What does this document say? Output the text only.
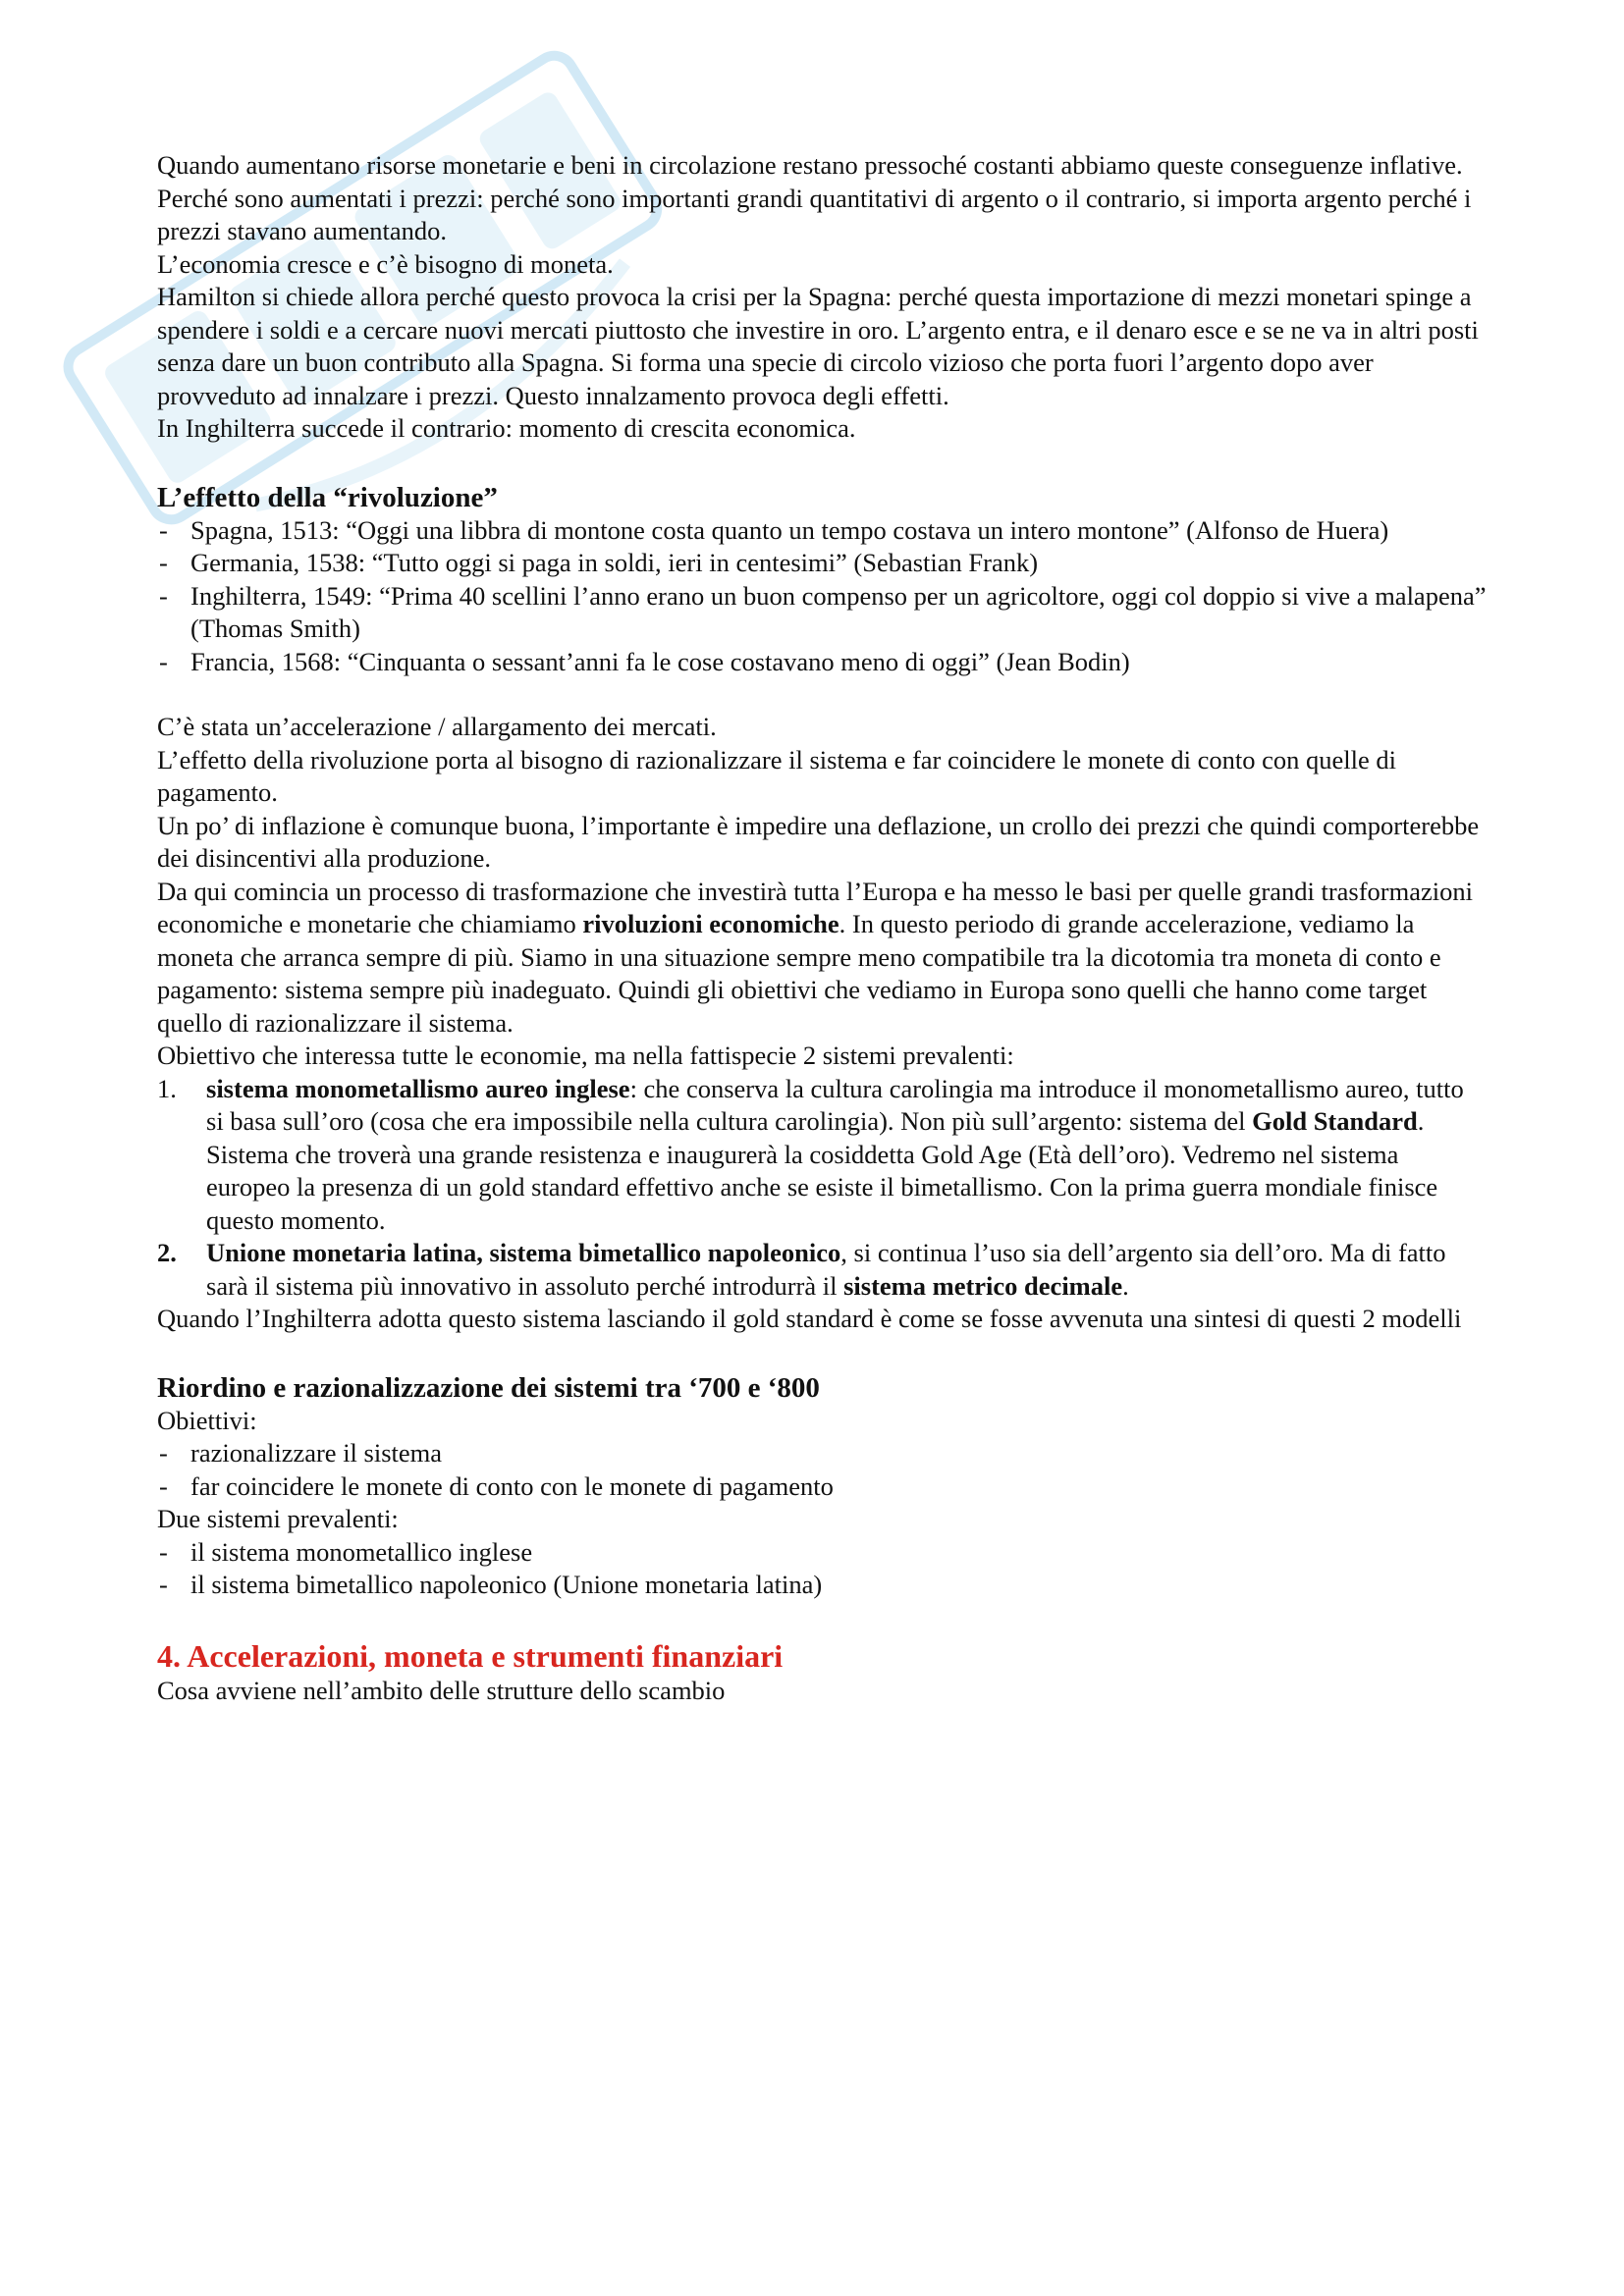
Quando aumentano risorse monetarie e beni in circolazione restano pressoché costanti abbiamo queste conseguenze inflative.

Perché sono aumentati i prezzi: perché sono importanti grandi quantitativi di argento o il contrario, si importa argento perché i prezzi stavano aumentando.

L’economia cresce e c’è bisogno di moneta.

Hamilton si chiede allora perché questo provoca la crisi per la Spagna: perché questa importazione di mezzi monetari spinge a spendere i soldi e a cercare nuovi mercati piuttosto che investire in oro. L’argento entra, e il denaro esce e se ne va in altri posti senza dare un buon contributo alla Spagna. Si forma una specie di circolo vizioso che porta fuori l’argento dopo aver provveduto ad innalzare i prezzi. Questo innalzamento provoca degli effetti.

In Inghilterra succede il contrario: momento di crescita economica.

L’effetto della “rivoluzione”
- Spagna, 1513: “Oggi una libbra di montone costa quanto un tempo costava un intero montone” (Alfonso de Huera)
- Germania, 1538: “Tutto oggi si paga in soldi, ieri in centesimi” (Sebastian Frank)
- Inghilterra, 1549: “Prima 40 scellini l’anno erano un buon compenso per un agricoltore, oggi col doppio si vive a malapena” (Thomas Smith)
- Francia, 1568: “Cinquanta o sessant’anni fa le cose costavano meno di oggi” (Jean Bodin)

C’è stata un’accelerazione / allargamento dei mercati.

L’effetto della rivoluzione porta al bisogno di razionalizzare il sistema e far coincidere le monete di conto con quelle di pagamento.

Un po’ di inflazione è comunque buona, l’importante è impedire una deflazione, un crollo dei prezzi che quindi comporterebbe dei disincentivi alla produzione.

Da qui comincia un processo di trasformazione che investirà tutta l’Europa e ha messo le basi per quelle grandi trasformazioni economiche e monetarie che chiamiamo rivoluzioni economiche. In questo periodo di grande accelerazione, vediamo la moneta che arranca sempre di più. Siamo in una situazione sempre meno compatibile tra la dicotomia tra moneta di conto e pagamento: sistema sempre più inadeguato. Quindi gli obiettivi che vediamo in Europa sono quelli che hanno come target quello di razionalizzare il sistema.

Obiettivo che interessa tutte le economie, ma nella fattispecie 2 sistemi prevalenti:

1. sistema monometallismo aureo inglese: che conserva la cultura carolingia ma introduce il monometallismo aureo, tutto si basa sull’oro (cosa che era impossibile nella cultura carolingia). Non più sull’argento: sistema del Gold Standard. Sistema che troverà una grande resistenza e inaugurerà la cosiddetta Gold Age (Età dell’oro). Vedremo nel sistema europeo la presenza di un gold standard effettivo anche se esiste il bimetallismo. Con la prima guerra mondiale finisce questo momento.
2. Unione monetaria latina, sistema bimetallico napoleonico, si continua l’uso sia dell’argento sia dell’oro. Ma di fatto sarà il sistema più innovativo in assoluto perché introdurrà il sistema metrico decimale.

Quando l’Inghilterra adotta questo sistema lasciando il gold standard è come se fosse avvenuta una sintesi di questi 2 modelli

Riordino e razionalizzazione dei sistemi tra ‘700 e ‘800

Obiettivi:

- razionalizzare il sistema
- far coincidere le monete di conto con le monete di pagamento

Due sistemi prevalenti:

- il sistema monometallico inglese
- il sistema bimetallico napoleonico (Unione monetaria latina)
4. Accelerazioni, moneta e strumenti finanziari

Cosa avviene nell’ambito delle strutture dello scambio
